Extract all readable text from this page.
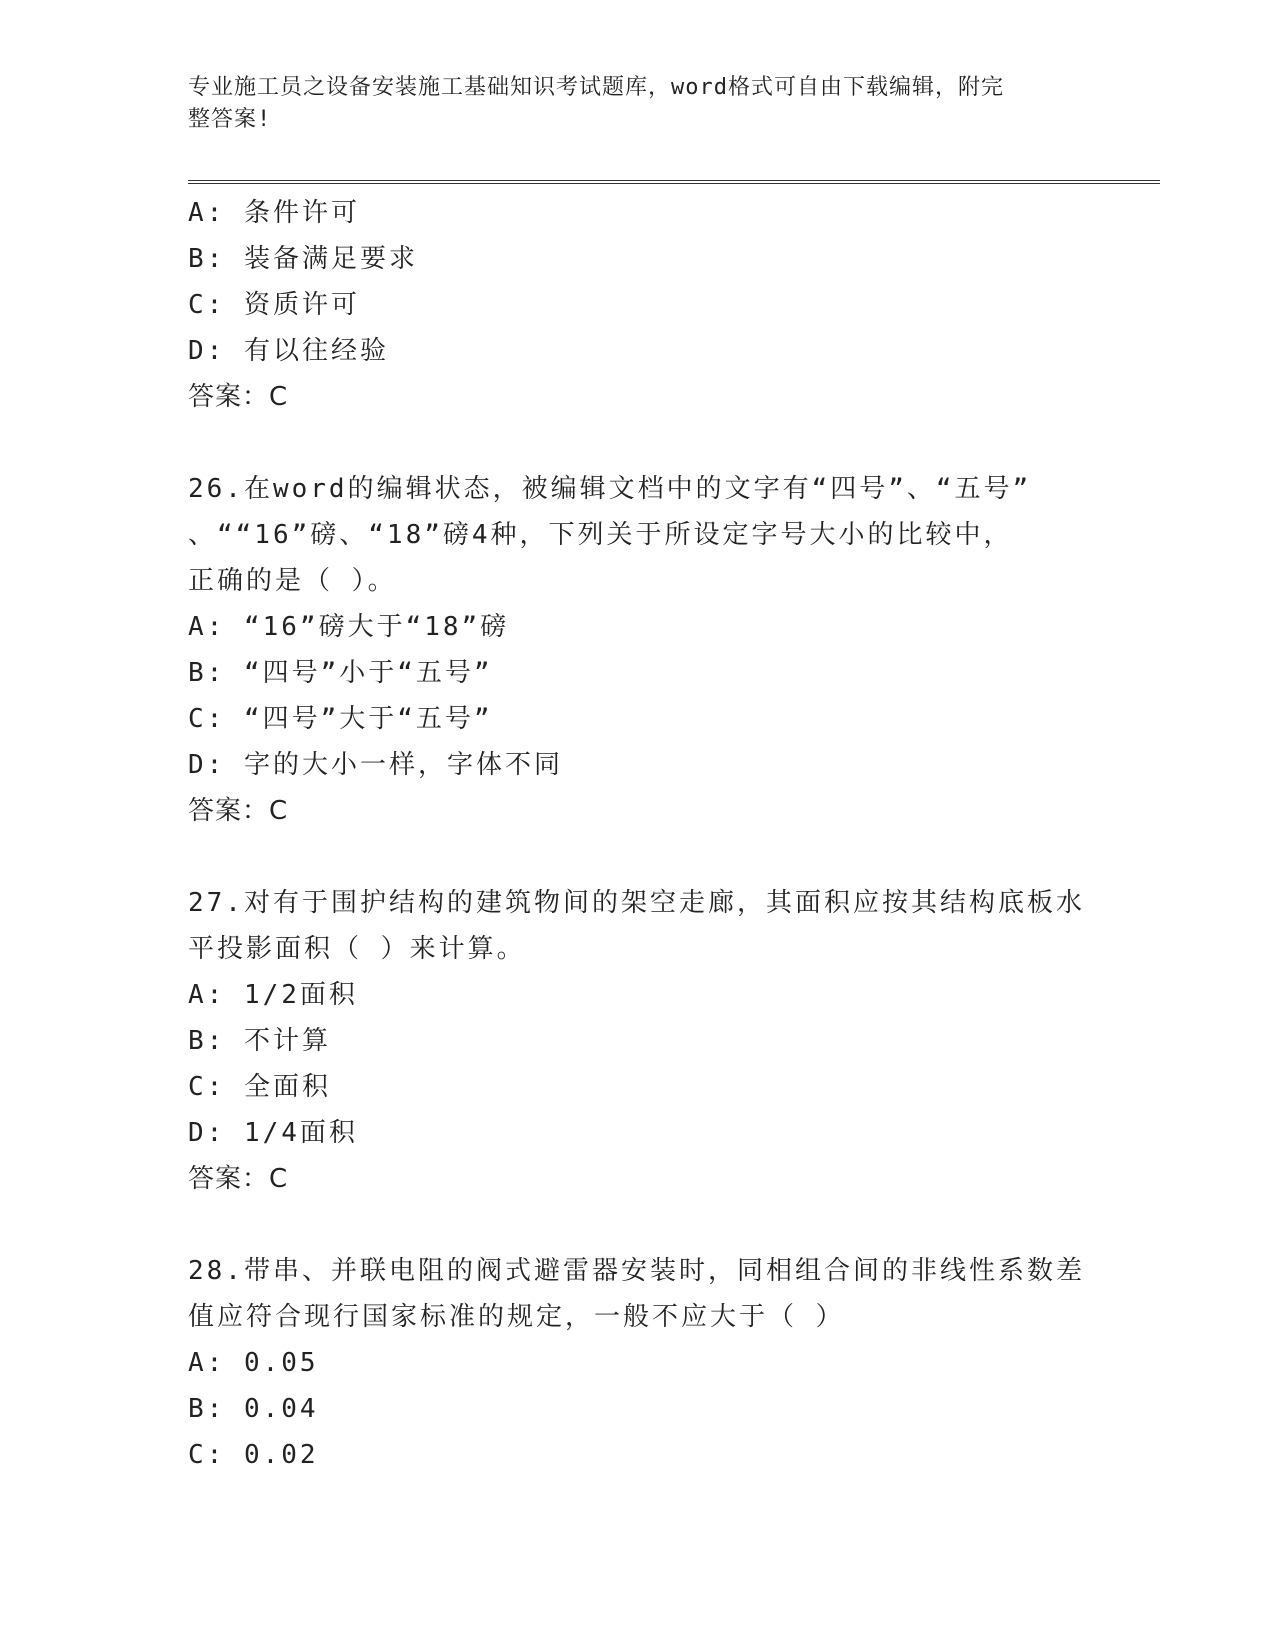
专业施工员之设备安装施工基础知识考试题库，word格式可自由下载编辑，附完
整答案!
A: 条件许可
B: 装备满足要求
C: 资质许可
D: 有以往经验
答案：C
26.在word的编辑状态，被编辑文档中的文字有“四号”、“五号”
、““16”磅、“18”磅4种，下列关于所设定字号大小的比较中，
正确的是（ ）。
A: “16”磅大于“18”磅
B: “四号”小于“五号”
C: “四号”大于“五号”
D: 字的大小一样，字体不同
答案：C
27.对有于围护结构的建筑物间的架空走廊，其面积应按其结构底板水
平投影面积（ ）来计算。
A: 1/2面积
B: 不计算
C: 全面积
D: 1/4面积
答案：C
28.带串、并联电阻的阀式避雷器安装时，同相组合间的非线性系数差
值应符合现行国家标准的规定，一般不应大于（ ）
A: 0.05
B: 0.04
C: 0.02
